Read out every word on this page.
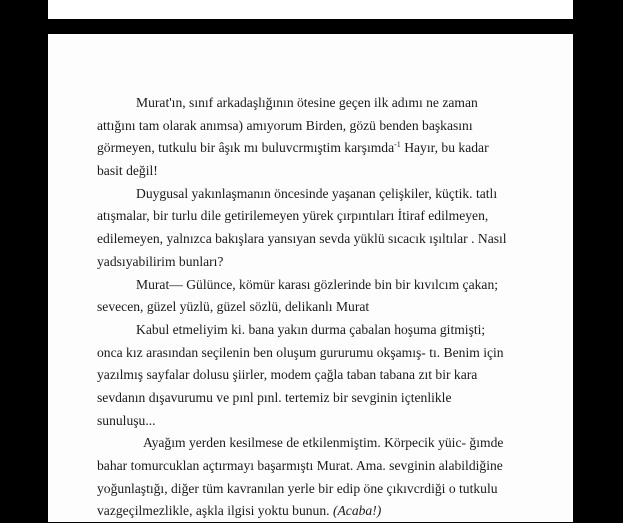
Murat'ın, sınıf arkadaşlığının ötesine geçen ilk adımı ne zaman
attığını tam olarak anımsa) amıyorum Birden, gözü benden başkasını
görmeyen, tutkulu bir âşık mı buluvcrmıştim karşımda$^{-1}$ Hayır, bu kadar
basit değil!
Duygusal yakınlaşmanın öncesinde yaşanan çelişkiler, küçtik. tatlı
atışmalar, bir turlu dile getirilemeyen yürek çırpıntıları İtiraf edilmeyen,
edilemeyen, yalnızca bakışlara yansıyan sevda yüklü sıcacık ışıltılar . Nasıl
yadsıyabilirim bunları?
Murat— Gülünce, kömür karası gözlerinde bin bir kıvılcım çakan;
sevecen, güzel yüzlü, güzel sözlü, delikanlı Murat
Kabul etmeliyim ki. bana yakın durma çabalan hoşuma gitmişti;
onca kız arasından seçilenin ben oluşum gururumu okşamış- tı. Benim için
yazılmış sayfalar dolusu şiirler, modem çağla taban tabana zıt bir kara
sevdanın dışavurumu ve pınl pınl. tertemiz bir sevginin içtenlikle
sunuluşu...
Ayağım yerden kesilmese de etkilenmiştim. Körpecik yüic- ğımde
bahar tomurcuklan açtırmayı başarmıştı Murat. Ama. sevginin alabildiğine
yoğunlaştığı, diğer tüm kavranılan yerle bir edip öne çıkıvcrdiği o tutkulu
vazgeçilmezlikle, aşkla ilgisi yoktu bunun. (Acaba!)
